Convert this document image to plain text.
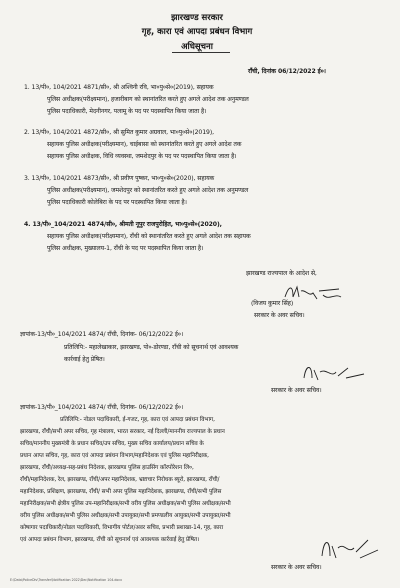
झारखण्ड सरकार
गृह, कारा एवं आपदा प्रबंधन विभाग
अधिसूचना
राँची, दिनांक 06/12/2022 ई०।
1. 13/पी०, 104/2021 4871/सी०, श्री अश्विनी रवि, भा०पु०से०(2019), सहायक
पुलिस अधीक्षक(परीक्ष्यमान), हजारीबाग को स्थानांतरित करते हुए अगले आदेश तक अनुमण्डल
पुलिस पदाधिकारी, मेदनीनगर, पलामू के पद पर पदस्थापित किया जाता है।
2. 13/पी०, 104/2021 4872/सी०, श्री सुमित कुमार अग्रवाल, भा०पु०से०(2019),
सहायक पुलिस अधीक्षक(परीक्ष्यमान), चाईबासा को स्थानांतरित करते हुए अगले आदेश तक
सहायक पुलिस अधीक्षक, विधि व्यवस्था, जमशेदपुर के पद पर पदस्थापित किया जाता है।
3. 13/पी०, 104/2021 4873/सी०, श्री प्रवीण पुष्कर, भा०पु०से०(2020), सहायक
पुलिस अधीक्षक(परीक्ष्यमान), जमशेदपुर को स्थानांतरित करते हुए अगले आदेश तक अनुमण्डल
पुलिस पदाधिकारी कोलेबिरा के पद पर पदस्थापित किया जाता है।
4. 13/पी०_104/2021 4874/सी०, श्रीमती नूपुर राजपुरोहित, भा०पु०से०(2020),
सहायक पुलिस अधीक्षक(परीक्ष्यमान), राँची को स्थानांतरित करते हुए अगले आदेश तक सहायक
पुलिस अधीक्षक, मुख्यालय-1, राँची के पद पर पदस्थापित किया जाता है।
झारखण्ड राज्यपाल के आदेश से,
(विजय कुमार सिंह)
सरकार के अवर सचिव।
ज्ञापांक-13/पी०_104/2021 4874/ राँची, दिनांक- 06/12/2022 ई०।
प्रतिलिपि:- महालेखाकार, झारखण्ड, पो०-डोरण्डा, राँची को सूचनार्थ एवं आवश्यक
कार्रवाई हेतु प्रेषित।
सरकार के अवर सचिव।
ज्ञापांक-13/पी०_104/2021 4874/ राँची, दिनांक- 06/12/2022 ई०।
प्रतिलिपि:- नोडल पदाधिकारी, ई-गजट, गृह, कारा एवं आपदा प्रबंधन विभाग,
झारखण्ड, राँची/सभी अपर सचिव, गृह मंत्रालय, भारत सरकार, नई दिल्ली/माननीय राज्यपाल के प्रधान
सचिव/माननीय मुख्यमंत्री के प्रधान सचिव/उप सचिव, मुख्य सचिव कार्यालय/प्रधान सचिव के
प्रधान आप्त सचिव, गृह, कारा एवं आपदा प्रबंधन विभाग/महानिदेशक एवं पुलिस महानिरीक्षक,
झारखण्ड, राँची/अध्यक्ष-सह-प्रबंध निदेशक, झारखण्ड पुलिस हाउसिंग कॉरपोरेशन लि०,
राँची/महानिदेशक, रेल, झारखण्ड, राँची/अपर महानिदेशक, भ्रष्टाचार निरोधक ब्यूरो, झारखण्ड, राँची/
महानिदेशक, प्रशिक्षण, झारखण्ड, राँची/ सभी अपर पुलिस महानिदेशक, झारखण्ड, राँची/सभी पुलिस
महानिरीक्षक/सभी क्षेत्रीय पुलिस उप-महानिरीक्षक/सभी वरीय पुलिस अधीक्षक/सभी पुलिस अधीक्षक/सभी
वरीय पुलिस अधीक्षक/सभी पुलिस अधीक्षक/सभी उपायुक्त/सभी प्रमण्डलीय आयुक्त/सभी उपायुक्त/सभी
कोषागार पदाधिकारी/नोडल पदाधिकारी, विभागीय पोर्टल/अवर सचिव, प्रभारी प्रशाखा-14, गृह, कारा
एवं आपदा प्रबंधन विभाग, झारखण्ड, राँची को सूचनार्थ एवं आवश्यक कार्रवाई हेतु प्रेषित।
सरकार के अवर सचिव।
E:\Data\PoliceDiv\Transfer\Notification 2022\Dec\Notification 104.docx
